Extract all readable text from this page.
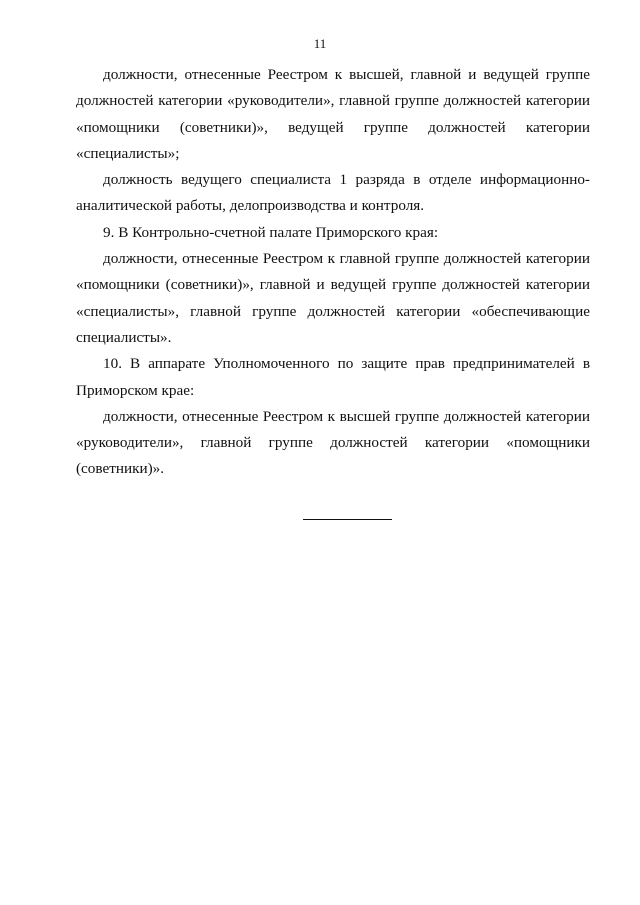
11

должности, отнесенные Реестром к высшей, главной и ведущей группе должностей категории «руководители», главной группе должностей категории «помощники (советники)», ведущей группе должностей категории «специалисты»;

должность ведущего специалиста 1 разряда в отделе информационно-аналитической работы, делопроизводства и контроля.

9. В Контрольно-счетной палате Приморского края:

должности, отнесенные Реестром к главной группе должностей категории «помощники (советники)», главной и ведущей группе должностей категории «специалисты», главной группе должностей категории «обеспечивающие специалисты».

10. В аппарате Уполномоченного по защите прав предпринимателей в Приморском крае:

должности, отнесенные Реестром к высшей группе должностей категории «руководители», главной группе должностей категории «помощники (советники)».
